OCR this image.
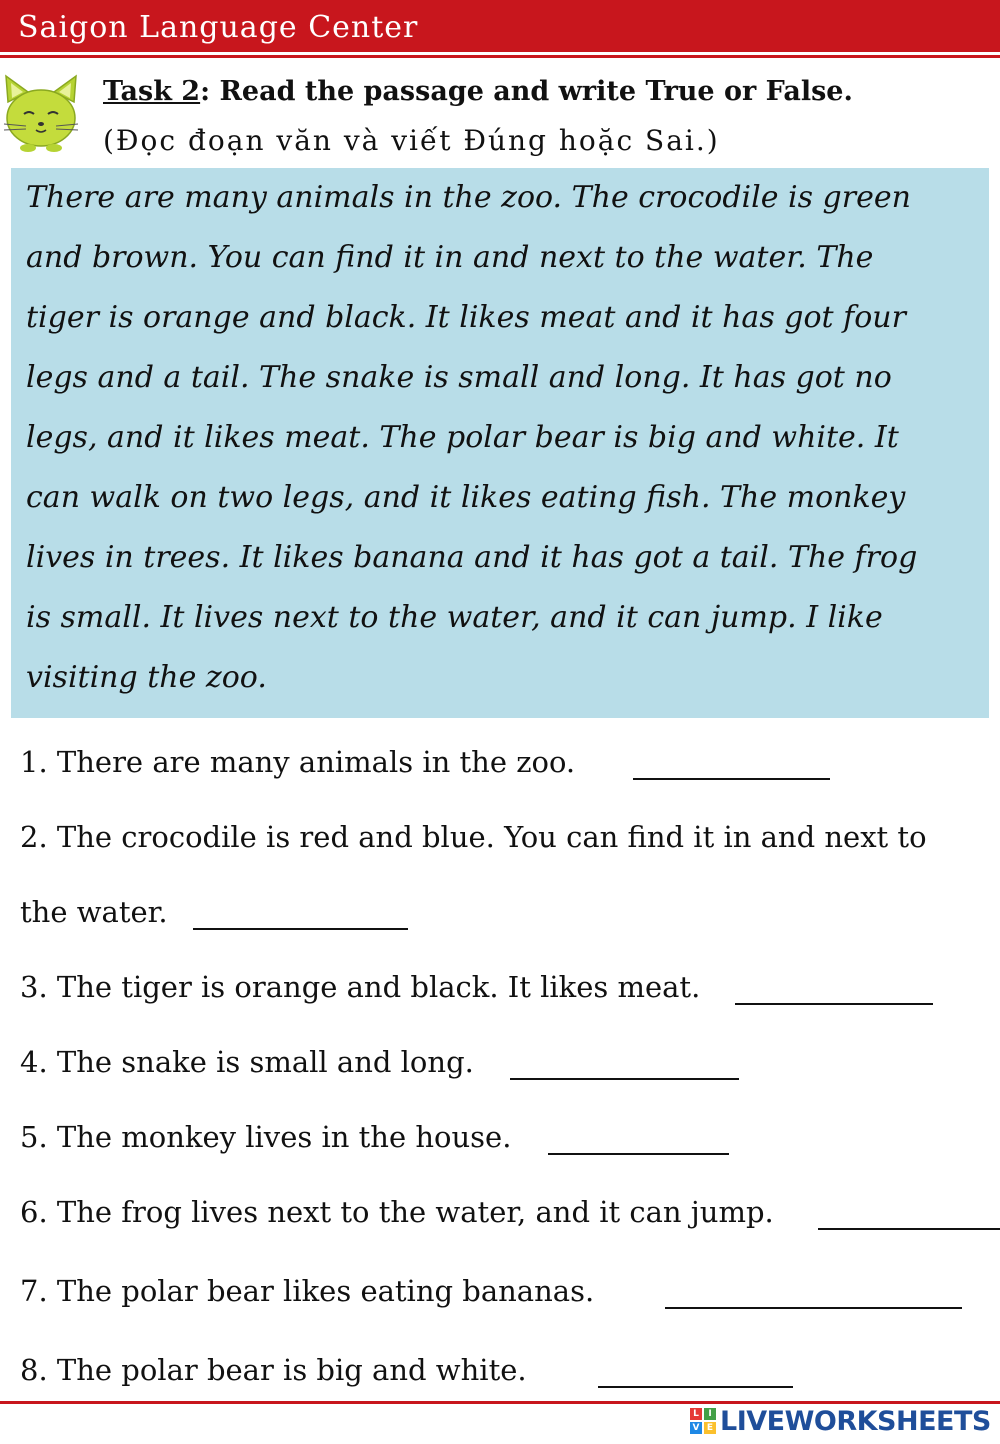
Saigon Language Center
Task 2: Read the passage and write True or False.
(Đọc đoạn văn và viết Đúng hoặc Sai.)
There are many animals in the zoo. The crocodile is green
and brown. You can find it in and next to the water. The
tiger is orange and black. It likes meat and it has got four
legs and a tail. The snake is small and long. It has got no
legs, and it likes meat. The polar bear is big and white. It
can walk on two legs, and it likes eating fish. The monkey
lives in trees. It likes banana and it has got a tail. The frog
is small. It lives next to the water, and it can jump. I like
visiting the zoo.
1. There are many animals in the zoo.
2. The crocodile is red and blue. You can find it in and next to
the water.
3. The tiger is orange and black. It likes meat.
4. The snake is small and long.
5. The monkey lives in the house.
6. The frog lives next to the water, and it can jump.
7. The polar bear likes eating bananas.
8. The polar bear is big and white.
L	I
V E LIVEWORKSHEETS
